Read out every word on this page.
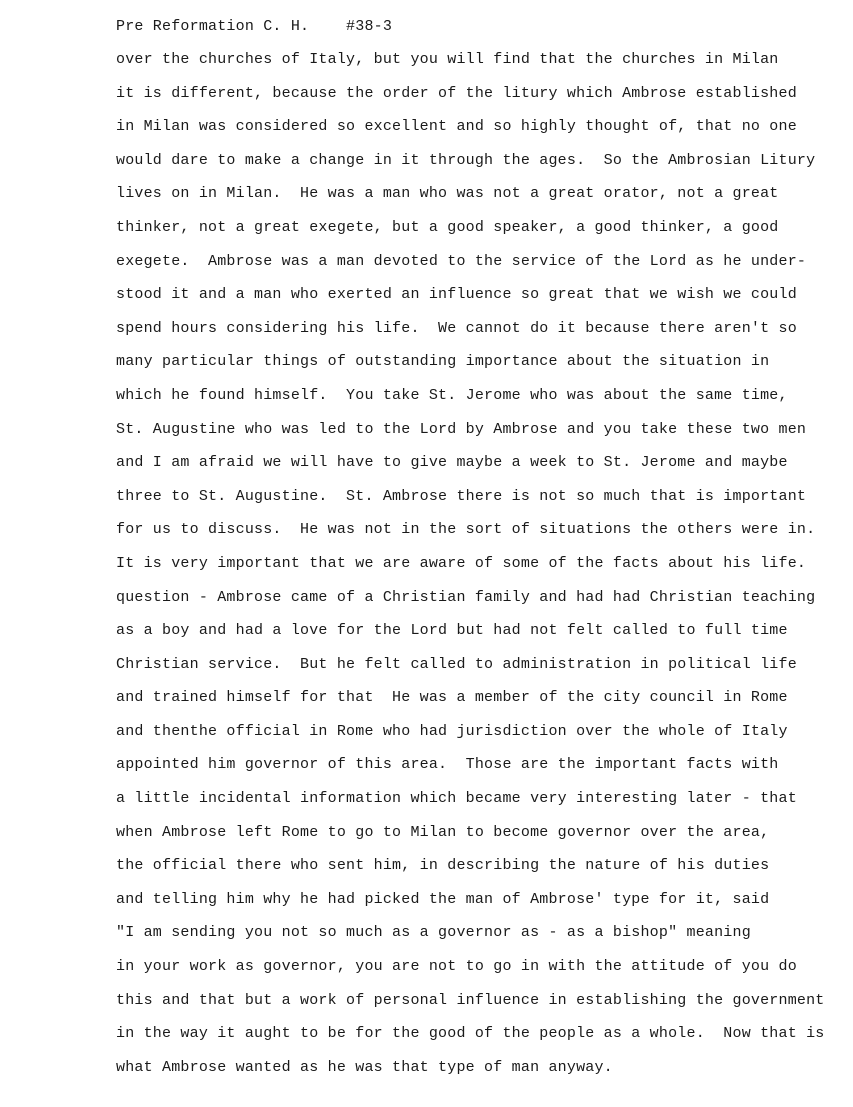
Pre Reformation C. H.    #38-3
over the churches of Italy, but you will find that the churches in Milan
it is different, because the order of the litury which Ambrose established
in Milan was considered so excellent and so highly thought of, that no one
would dare to make a change in it through the ages.  So the Ambrosian Litury
lives on in Milan.  He was a man who was not a great orator, not a great
thinker, not a great exegete, but a good speaker, a good thinker, a good
exegete.  Ambrose was a man devoted to the service of the Lord as he under-
stood it and a man who exerted an influence so great that we wish we could
spend hours considering his life.  We cannot do it because there aren't so
many particular things of outstanding importance about the situation in
which he found himself.  You take St. Jerome who was about the same time,
St. Augustine who was led to the Lord by Ambrose and you take these two men
and I am afraid we will have to give maybe a week to St. Jerome and maybe
three to St. Augustine.  St. Ambrose there is not so much that is important
for us to discuss.  He was not in the sort of situations the others were in.
It is very important that we are aware of some of the facts about his life.
question - Ambrose came of a Christian family and had had Christian teaching
as a boy and had a love for the Lord but had not felt called to full time
Christian service.  But he felt called to administration in political life
and trained himself for that  He was a member of the city council in Rome
and thenthe official in Rome who had jurisdiction over the whole of Italy
appointed him governor of this area.  Those are the important facts with
a little incidental information which became very interesting later - that
when Ambrose left Rome to go to Milan to become governor over the area,
the official there who sent him, in describing the nature of his duties
and telling him why he had picked the man of Ambrose' type for it, said
"I am sending you not so much as a governor as - as a bishop" meaning
in your work as governor, you are not to go in with the attitude of you do
this and that but a work of personal influence in establishing the government
in the way it aught to be for the good of the people as a whole.  Now that is
what Ambrose wanted as he was that type of man anyway.
